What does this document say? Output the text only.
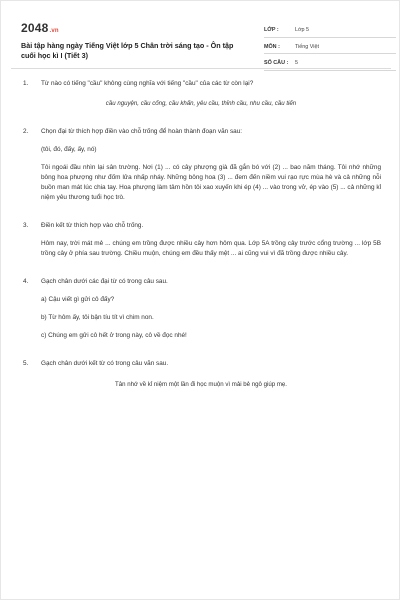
2048.vn
Bài tập hàng ngày Tiếng Việt lớp 5 Chân trời sáng tạo - Ôn tập cuối học kì I (Tiết 3)
LỚP :	Lớp 5
MÔN :	Tiếng Việt
SỐ CÂU : 5
1. Từ nào có tiếng "cầu" không cùng nghĩa với tiếng "cầu" của các từ còn lại?
cầu nguyện, cầu cống, cầu khấn, yêu cầu, thỉnh cầu, nhu cầu, cầu tiến
2. Chọn đại từ thích hợp điền vào chỗ trống để hoàn thành đoạn văn sau:
(tôi, đó, đấy, ấy, nó)
Tôi ngoái đầu nhìn lại sân trường. Nơi (1) ... có cây phượng già đã gắn bó với (2) ... bao năm tháng. Tôi nhớ những bông hoa phượng như đốm lửa nhấp nháy. Những bông hoa (3) ... đem đến niềm vui rạo rực mùa hè và cả những nỗi buồn man mát lúc chia tay. Hoa phượng làm tâm hồn tôi xao xuyến khi ép (4) ... vào trong vở, ép vào (5) ... cả những kỉ niệm yêu thương tuổi học trò.
3. Điền kết từ thích hợp vào chỗ trống.
Hôm nay, trời mát mẻ ... chúng em trồng được nhiều cây hơn hôm qua. Lớp 5A trồng cây trước cổng trường ... lớp 5B trồng cây ở phía sau trường. Chiều muộn, chúng em đều thấy mệt ... ai cũng vui vì đã trồng được nhiều cây.
4. Gạch chân dưới các đại từ có trong câu sau.
a) Cậu viết gì gửi cô đấy?
b) Từ hôm ấy, tôi bận tíu tít vì chim non.
c) Chúng em gửi cô hết ở trong này, cô về đọc nhé!
5. Gạch chân dưới kết từ có trong câu văn sau.
Tân nhớ về kỉ niệm một lần đi học muộn vì mải bẻ ngô giúp mẹ.
